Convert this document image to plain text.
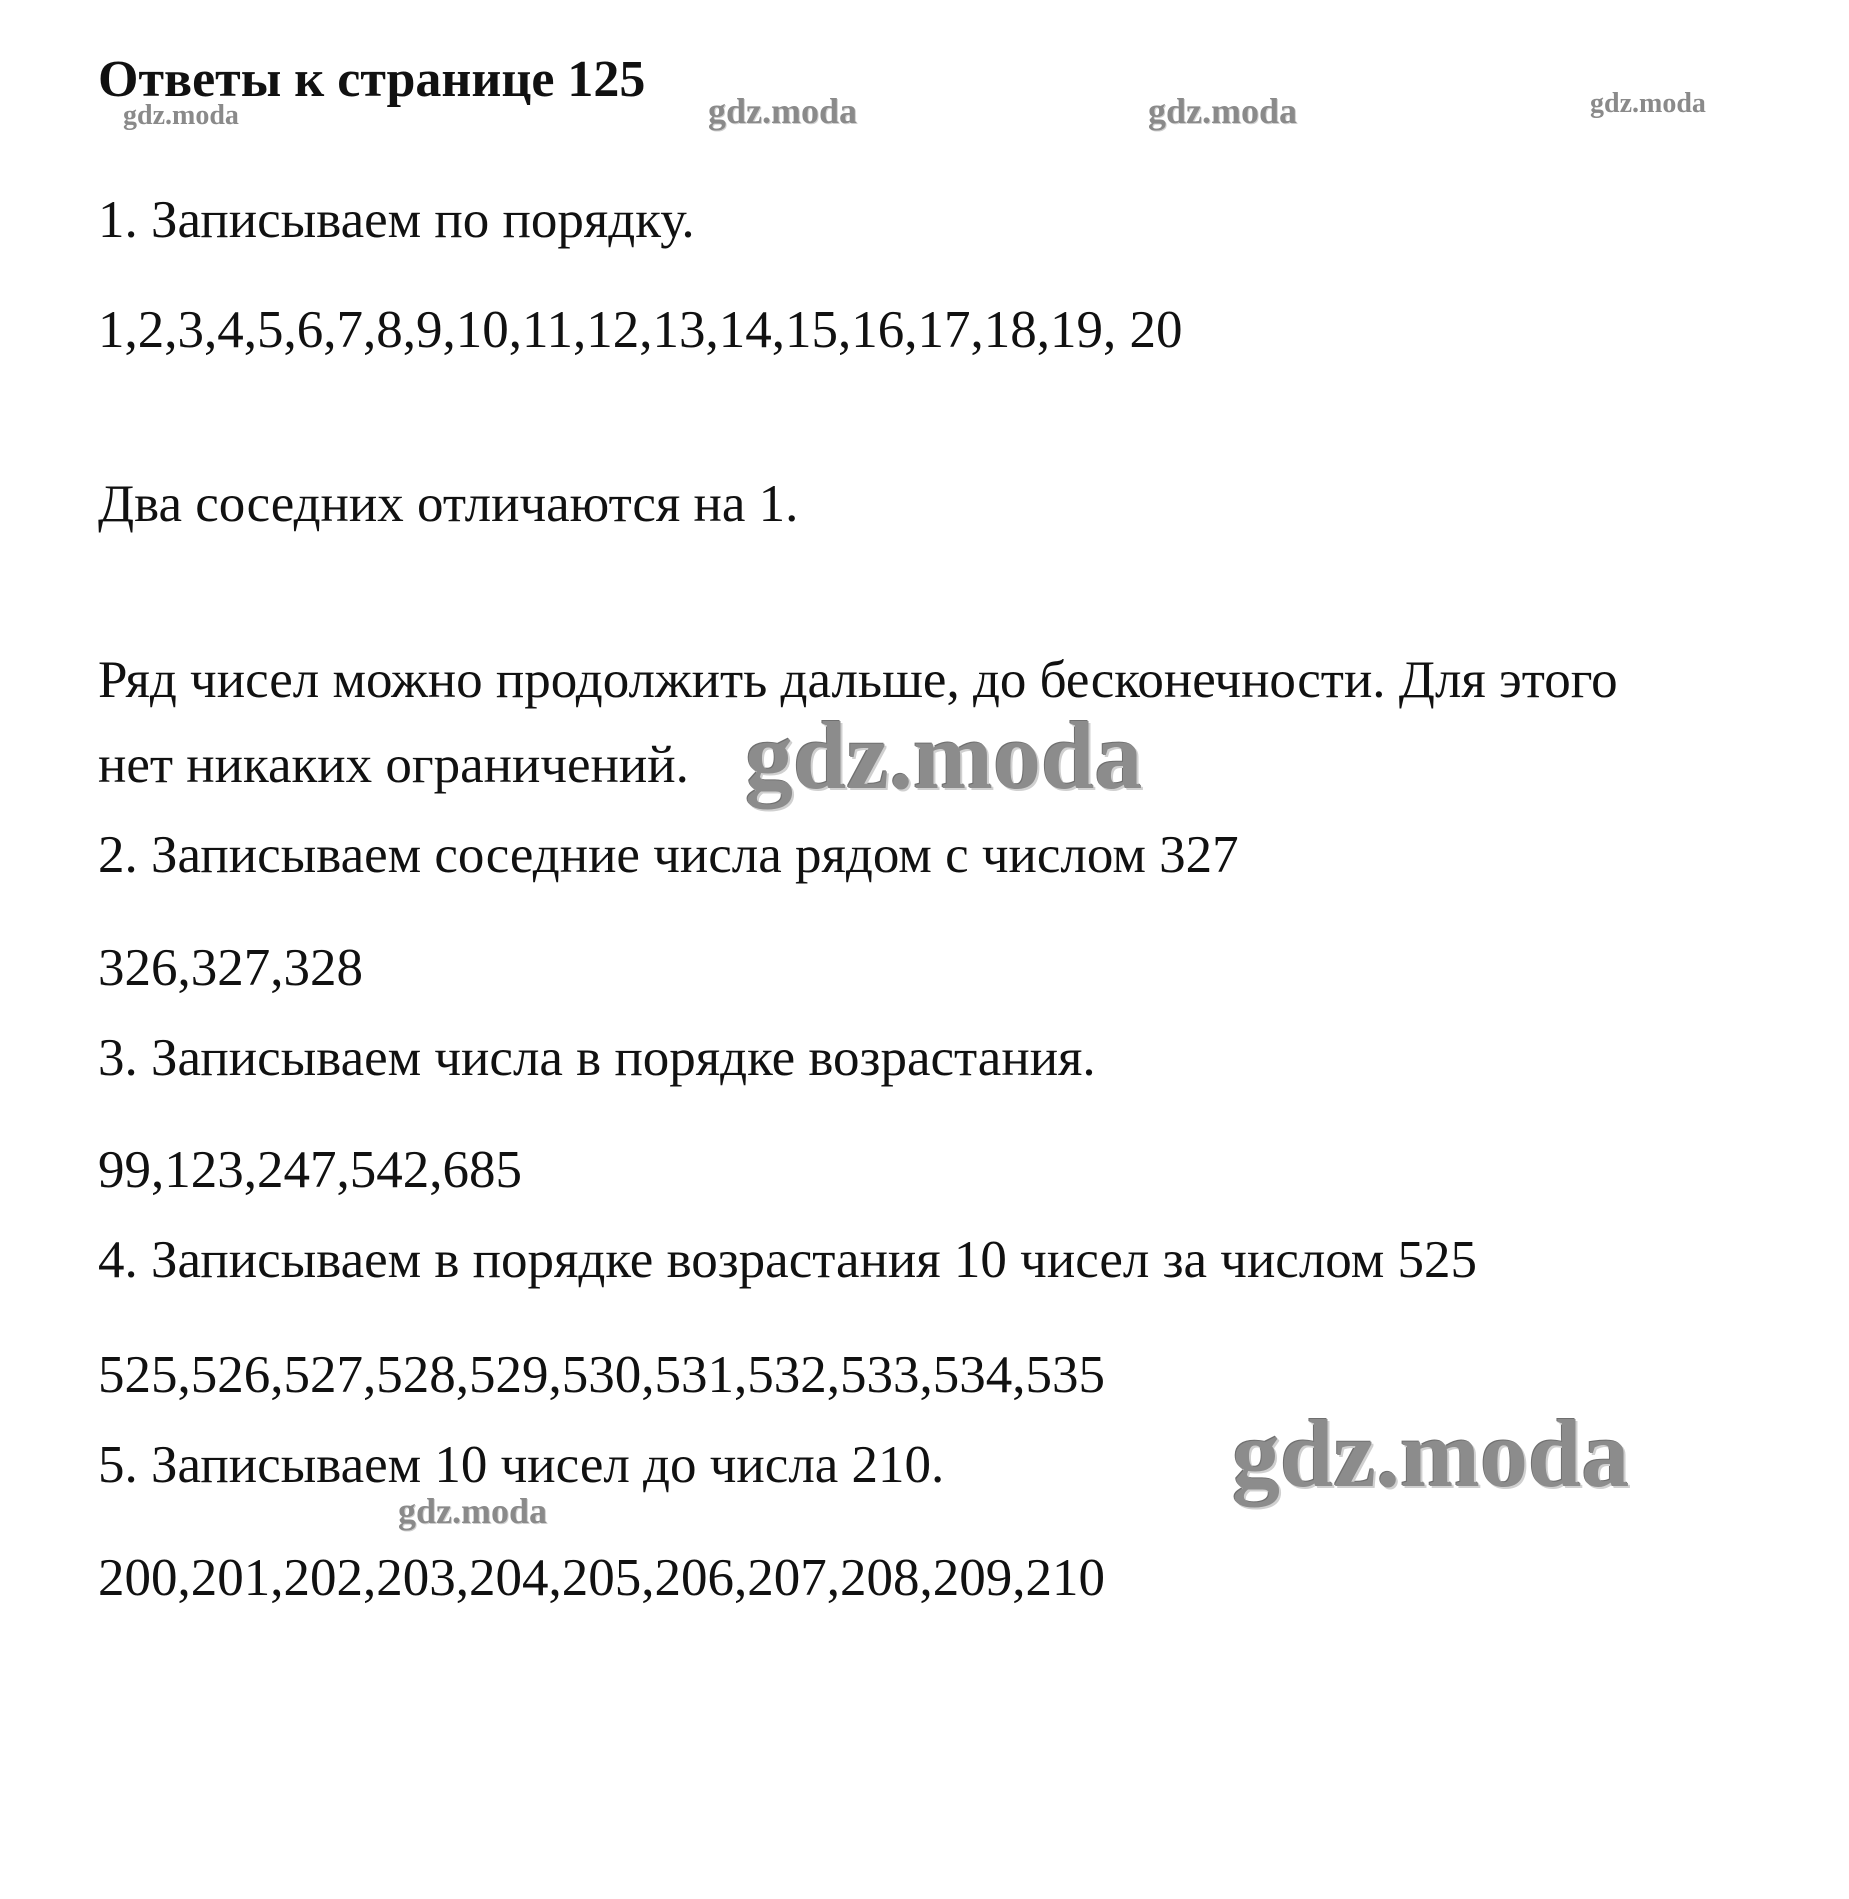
Ответы к странице 125

1. Записываем по порядку.

1,2,3,4,5,6,7,8,9,10,11,12,13,14,15,16,17,18,19, 20

Два соседних отличаются на 1.

Ряд чисел можно продолжить дальше, до бесконечности. Для этого

нет никаких ограничений.

2. Записываем соседние числа рядом с числом 327

326,327,328

3. Записываем числа в порядке возрастания.

99,123,247,542,685

4. Записываем в порядке возрастания 10 чисел за числом 525

525,526,527,528,529,530,531,532,533,534,535

5. Записываем 10 чисел до числа 210.

200,201,202,203,204,205,206,207,208,209,210

gdz.moda	gdz.moda	gdz.moda	gdz.moda
gdz.moda
gdz.moda
gdz.moda
